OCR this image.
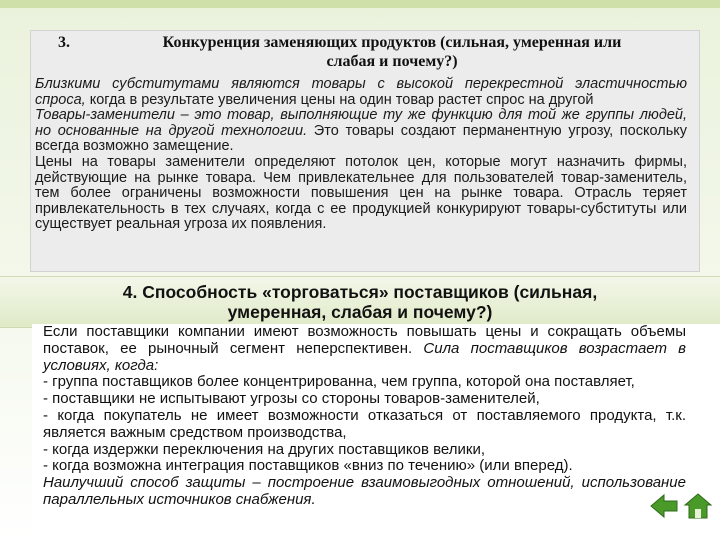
3.	Конкуренция заменяющих продуктов (сильная, умеренная или
слабая и почему?)

Близкими субститутами являются товары с высокой перекрестной эластичностью спроса, когда в результате увеличения цены на один товар растет спрос на другой

Товары-заменители – это товар, выполняющие ту же функцию для той же группы людей, но основанные на другой технологии. Это товары создают перманентную угрозу, поскольку всегда возможно замещение.

Цены на товары заменители определяют потолок цен, которые могут назначить фирмы, действующие на рынке товара. Чем привлекательнее для пользователей товар-заменитель, тем более ограничены возможности повышения цен на рынке товара. Отрасль теряет привлекательность в тех случаях, когда с ее продукцией конкурируют товары-субституты или существует реальная угроза их появления.

4. Способность «торговаться» поставщиков (сильная,
умеренная, слабая и почему?)

Если поставщики компании имеют возможность повышать цены и сокращать объемы поставок, ее рыночный сегмент неперспективен. Сила поставщиков возрастает в условиях, когда:

- группа поставщиков более концентрированна, чем группа, которой она поставляет,

- поставщики не испытывают угрозы со стороны товаров-заменителей,

- когда покупатель не имеет возможности отказаться от поставляемого продукта, т.к. является важным средством производства,

- когда издержки переключения на других поставщиков велики,

- когда возможна интеграция поставщиков «вниз по течению» (или вперед).

Наилучший способ защиты – построение взаимовыгодных отношений, использование параллельных источников снабжения.
